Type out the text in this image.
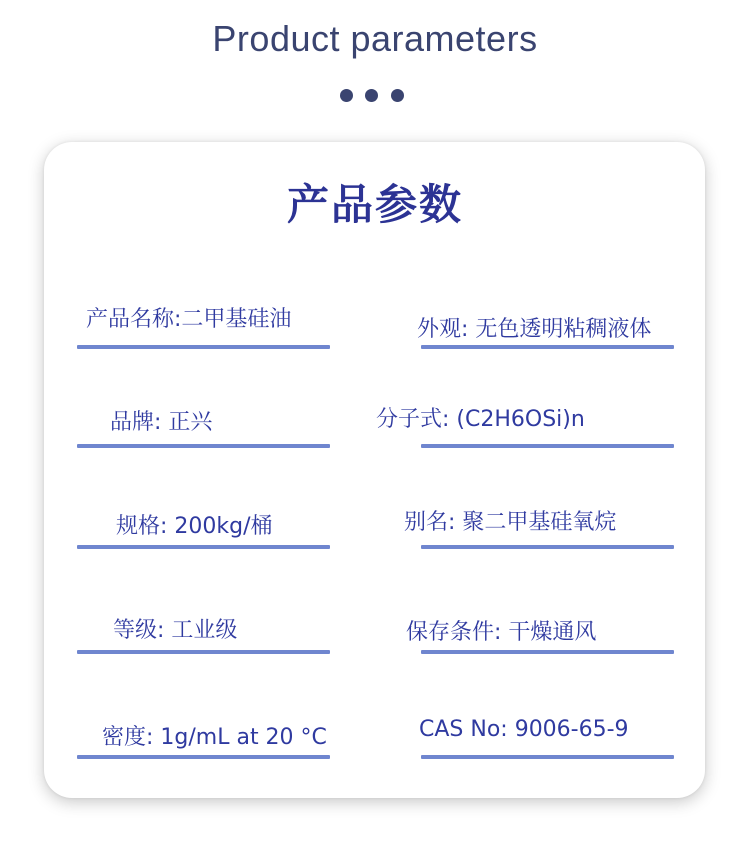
Product parameters
产品参数
产品名称:二甲基硅油	外观: 无色透明粘稠液体
品牌: 正兴	分子式: (C2H6OSi)n
规格: 200kg/桶	别名: 聚二甲基硅氧烷
等级: 工业级	保存条件: 干燥通风
密度: 1g/mL at 20 °C	CAS No: 9006-65-9
